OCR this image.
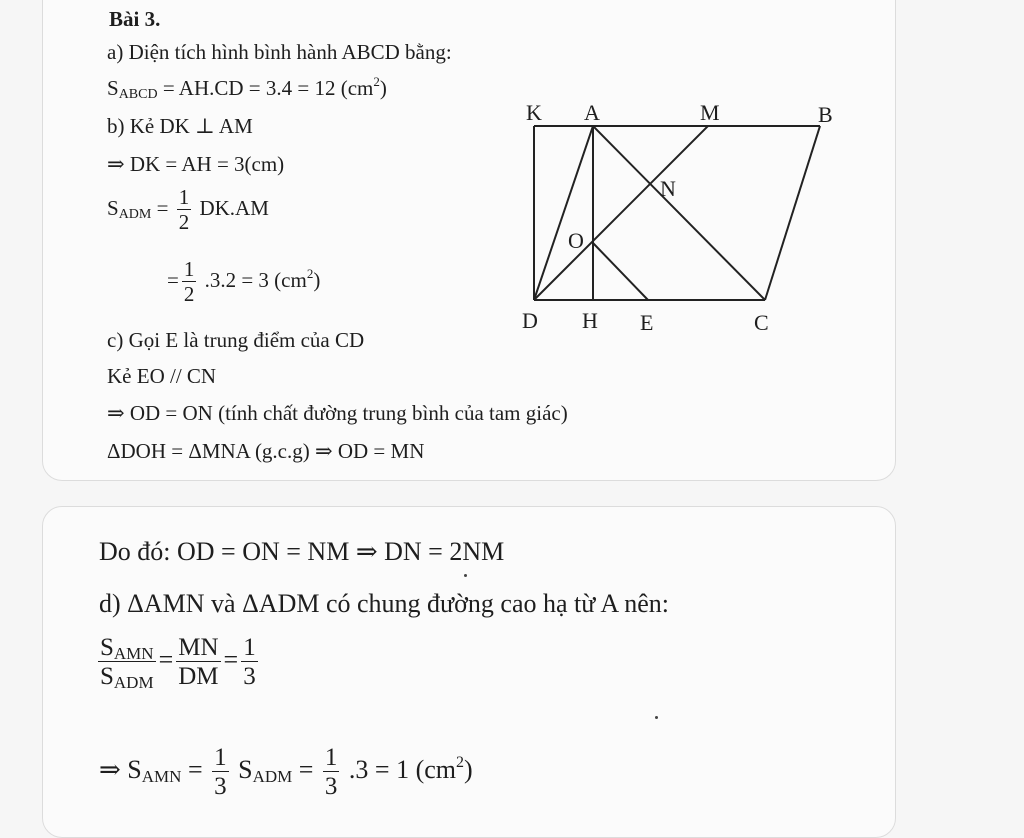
Bài 3.
a) Diện tích hình bình hành ABCD bằng:
$S_{ABCD} = AH.CD = 3.4 = 12$ $(cm^2)$
b) Kẻ DK ⊥ AM
⇒ DK = AH = 3(cm)
$S_{ADM} = \frac{1}{2} DK.AM$
= $\frac{1}{2} .3.2 = 3$ $(cm^2)$
c) Gọi E là trung điểm của CD
Kẻ EO // CN
⇒ OD = ON (tính chất đường trung bình của tam giác)
ΔDOH = ΔMNA (g.c.g) ⇒ OD = MN
K A	M	B
N
O
D H E	C
Do đó: OD = ON = NM ⇒ DN = 2NM
d) ΔAMN và ΔADM có chung đường cao hạ từ A nên:
$\frac{S_{AMN}}{S_{ADM}} = \frac{MN}{DM} = \frac{1}{3}$
⇒ $S_{AMN} = \frac{1}{3} S_{ADM} = \frac{1}{3} .3 = 1$ $(cm^2)$
